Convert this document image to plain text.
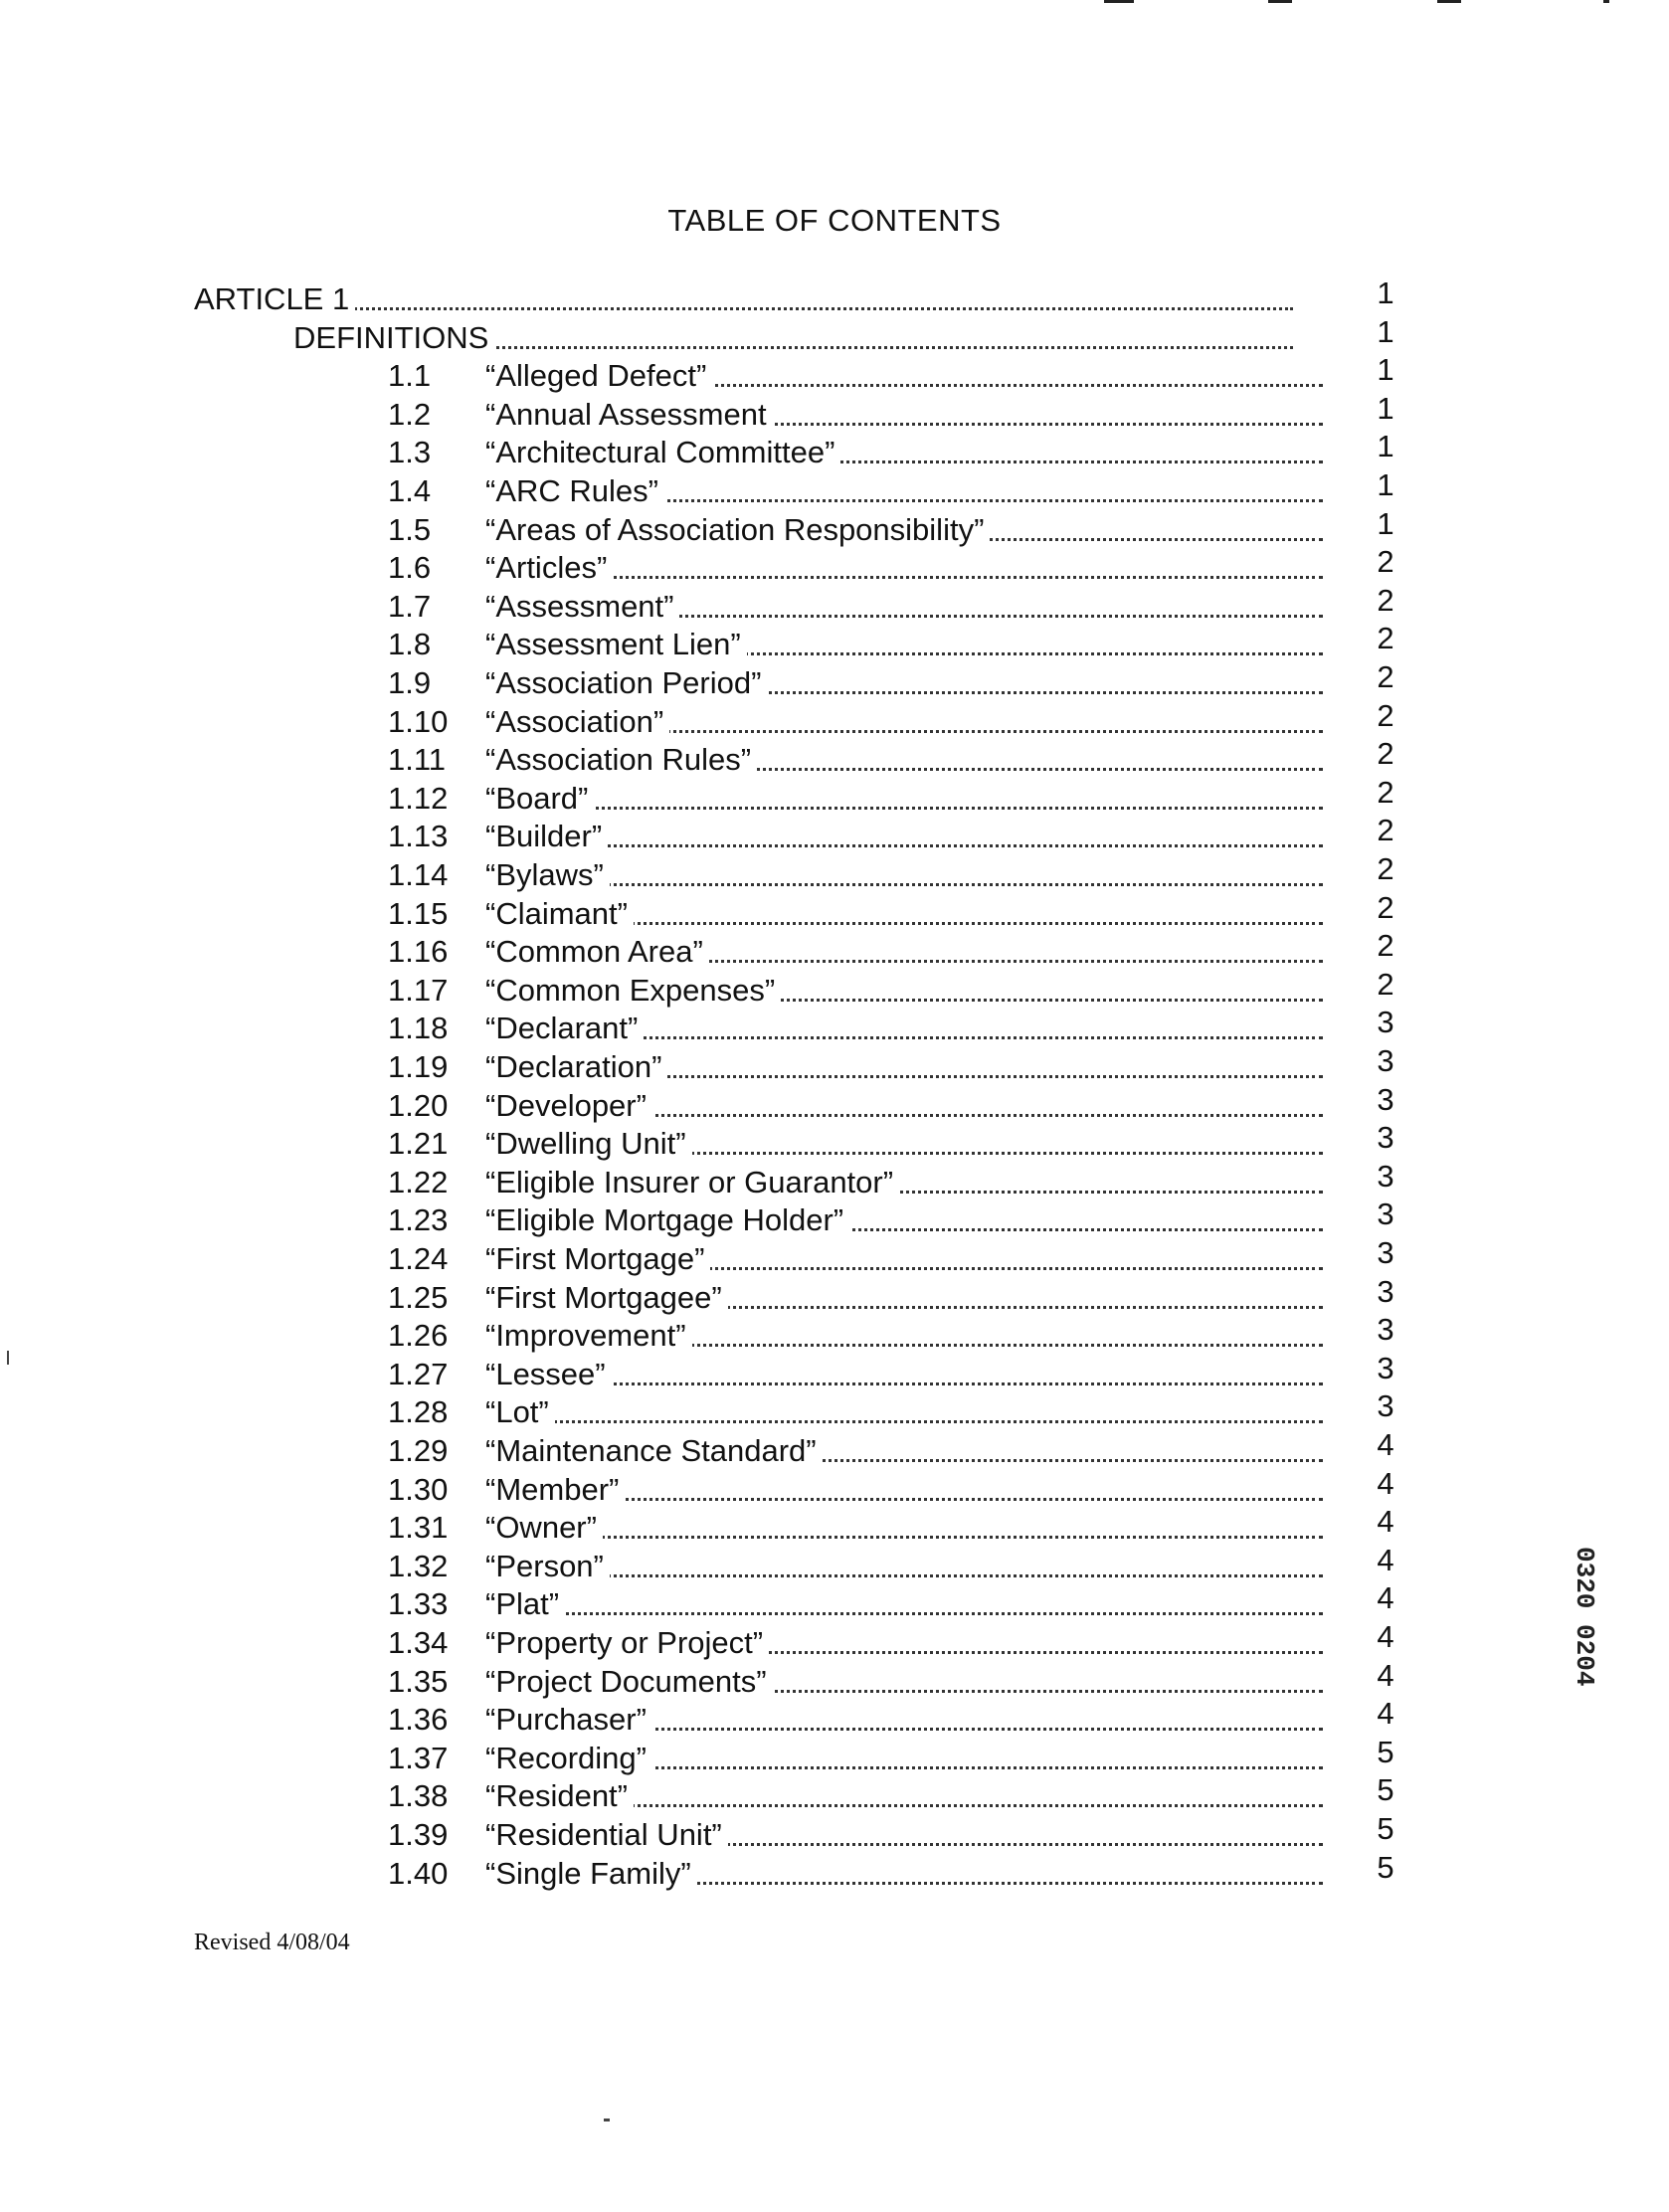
TABLE OF CONTENTS
ARTICLE 1	1
DEFINITIONS	1
1.1 “Alleged Defect”	1
1.2 “Annual Assessment	1
1.3 “Architectural Committee”	1
1.4 “ARC Rules”	1
1.5 “Areas of Association Responsibility”	1
1.6 “Articles”	2
1.7 “Assessment”	2
1.8 “Assessment Lien”	2
1.9 “Association Period”	2
1.10 “Association”	2
1.11 “Association Rules”	2
1.12 “Board”	2
1.13 “Builder”	2
1.14 “Bylaws”	2
1.15 “Claimant”	2
1.16 “Common Area”	2
1.17 “Common Expenses”	2
1.18 “Declarant”	3
1.19 “Declaration”	3
1.20 “Developer”	3
1.21 “Dwelling Unit”	3
1.22 “Eligible Insurer or Guarantor”	3
1.23 “Eligible Mortgage Holder”	3
1.24 “First Mortgage”	3
1.25 “First Mortgagee”	3
1.26 “Improvement”	3
1.27 “Lessee”	3
1.28 “Lot”	3
1.29 “Maintenance Standard”	4
1.30 “Member”	4
1.31 “Owner”	4
1.32 “Person”	4
1.33 “Plat”	4
1.34 “Property or Project”	4
1.35 “Project Documents”	4
1.36 “Purchaser”	4
1.37 “Recording”	5
1.38 “Resident”	5
1.39 “Residential Unit”	5
1.40 “Single Family”	5
Revised 4/08/04
0320 0204
